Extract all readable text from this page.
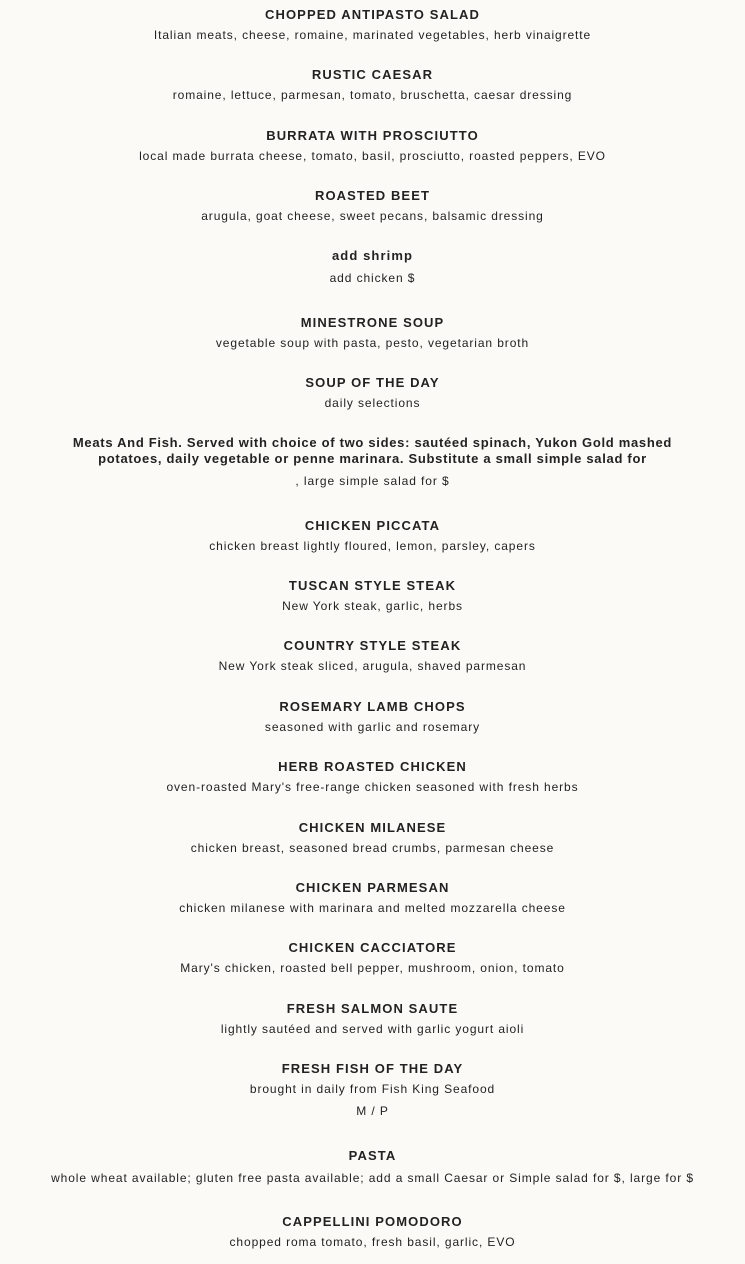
CHOPPED ANTIPASTO SALAD
Italian meats, cheese, romaine, marinated vegetables, herb vinaigrette
RUSTIC CAESAR
romaine, lettuce, parmesan, tomato, bruschetta, caesar dressing
BURRATA WITH PROSCIUTTO
local made burrata cheese, tomato, basil, prosciutto, roasted peppers, EVO
ROASTED BEET
arugula, goat cheese, sweet pecans, balsamic dressing
add shrimp
add chicken $
MINESTRONE SOUP
vegetable soup with pasta, pesto, vegetarian broth
SOUP OF THE DAY
daily selections
Meats And Fish. Served with choice of two sides: sautéed spinach, Yukon Gold mashed potatoes, daily vegetable or penne marinara. Substitute a small simple salad for
, large simple salad for $
CHICKEN PICCATA
chicken breast lightly floured, lemon, parsley, capers
TUSCAN STYLE STEAK
New York steak, garlic, herbs
COUNTRY STYLE STEAK
New York steak sliced, arugula, shaved parmesan
ROSEMARY LAMB CHOPS
seasoned with garlic and rosemary
HERB ROASTED CHICKEN
oven-roasted Mary's free-range chicken seasoned with fresh herbs
CHICKEN MILANESE
chicken breast, seasoned bread crumbs, parmesan cheese
CHICKEN PARMESAN
chicken milanese with marinara and melted mozzarella cheese
CHICKEN CACCIATORE
Mary's chicken, roasted bell pepper, mushroom, onion, tomato
FRESH SALMON SAUTE
lightly sautéed and served with garlic yogurt aioli
FRESH FISH OF THE DAY
brought in daily from Fish King Seafood
M / P
PASTA
whole wheat available; gluten free pasta available; add a small Caesar or Simple salad for $, large for $
CAPPELLINI POMODORO
chopped roma tomato, fresh basil, garlic, EVO
